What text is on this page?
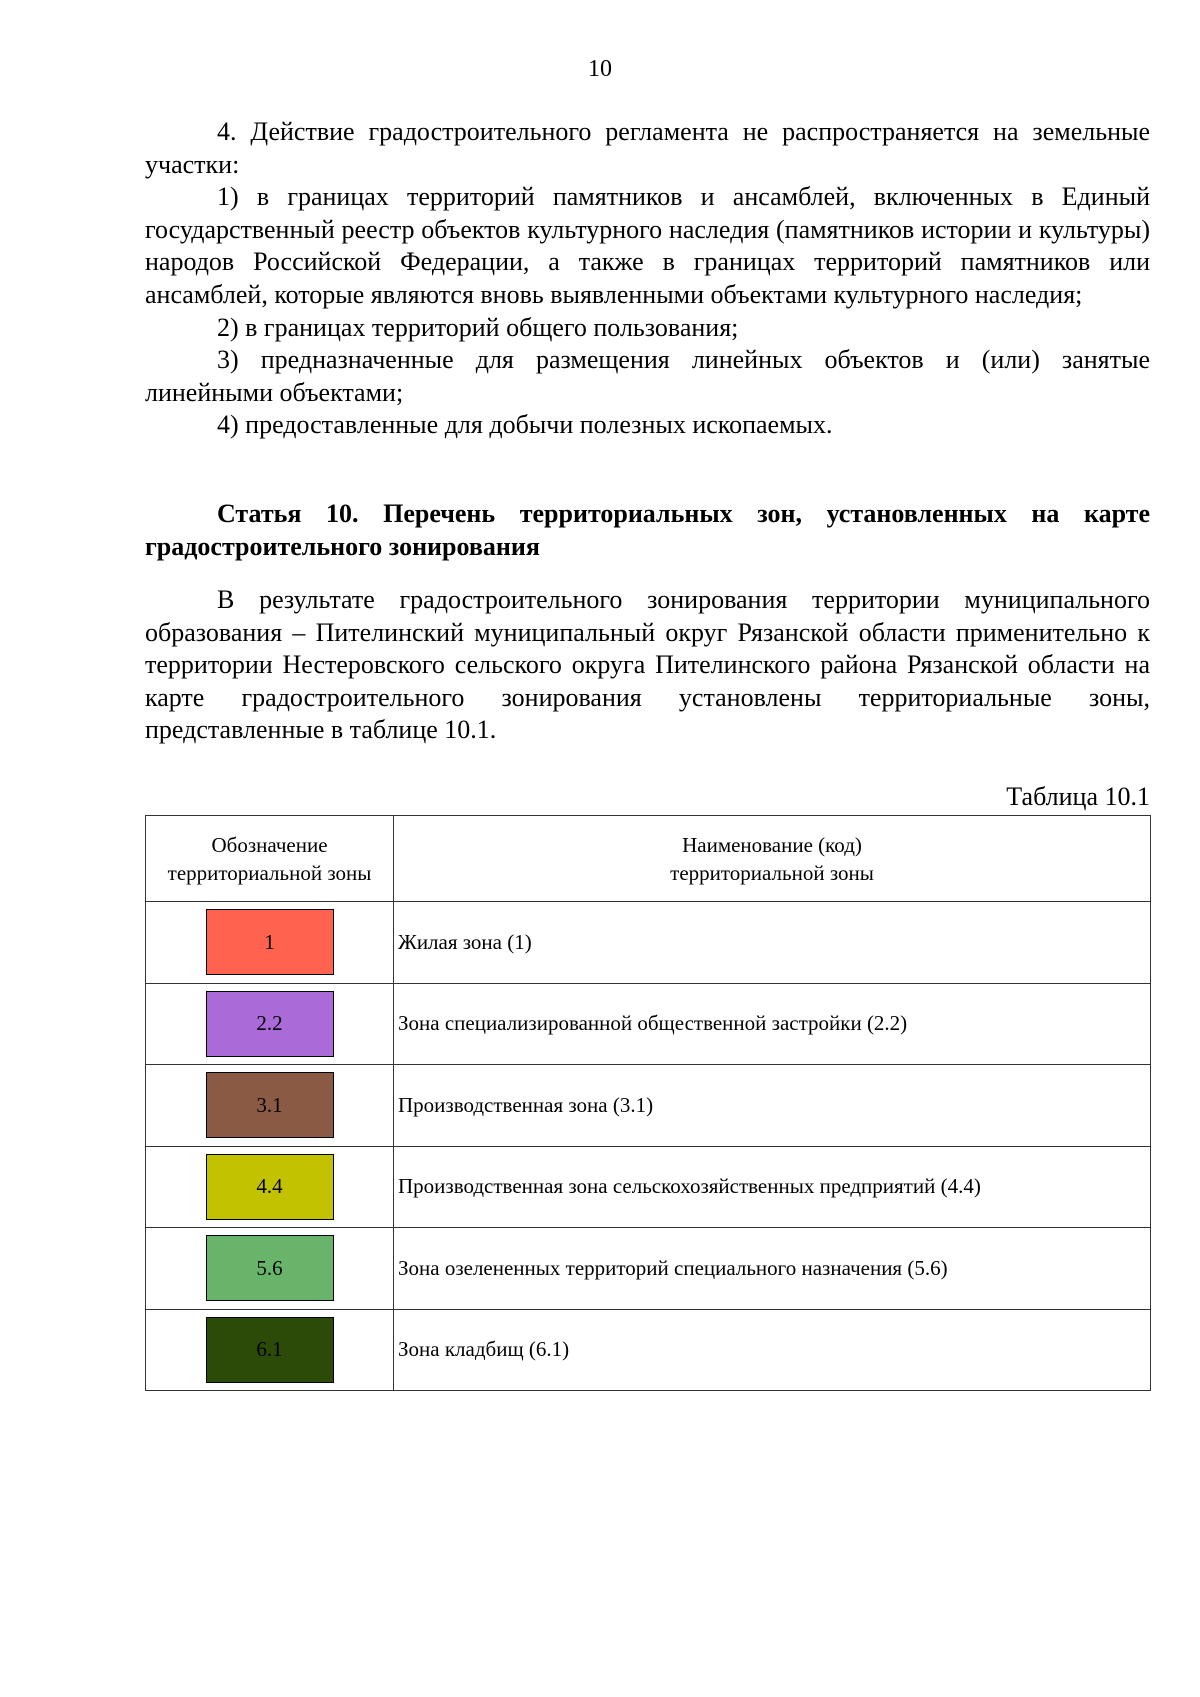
10

4. Действие градостроительного регламента не распространяется на земельные участки:

1) в границах территорий памятников и ансамблей, включенных в Единый государственный реестр объектов культурного наследия (памятников истории и культуры) народов Российской Федерации, а также в границах территорий памятников или ансамблей, которые являются вновь выявленными объектами культурного наследия;

2) в границах территорий общего пользования;

3) предназначенные для размещения линейных объектов и (или) занятые линейными объектами;

4) предоставленные для добычи полезных ископаемых.

Статья 10. Перечень территориальных зон, установленных на карте градостроительного зонирования

В результате градостроительного зонирования территории муниципального образования – Пителинский муниципальный округ Рязанской области применительно к территории Нестеровского сельского округа Пителинского района Рязанской области на карте градостроительного зонирования установлены территориальные зоны, представленные в таблице 10.1.

Таблица 10.1
Обозначение территориальной зоны	Наименование (код)
территориальной зоны

1	Жилая зона (1)
2.2	Зона специализированной общественной застройки (2.2)
3.1	Производственная зона (3.1)
4.4	Производственная зона сельскохозяйственных предприятий (4.4)
5.6	Зона озелененных территорий специального назначения (5.6)
6.1	Зона кладбищ (6.1)
